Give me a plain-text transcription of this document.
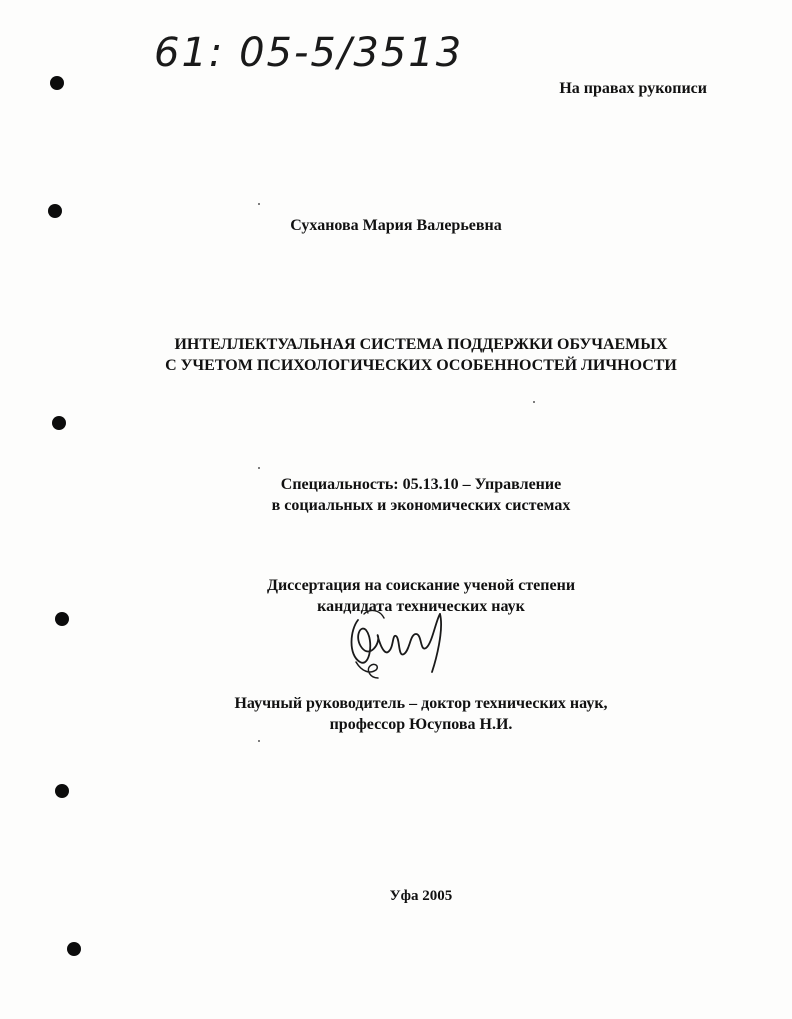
61: 05-5/3513
На правах рукописи
Суханова Мария Валерьевна
ИНТЕЛЛЕКТУАЛЬНАЯ СИСТЕМА ПОДДЕРЖКИ ОБУЧАЕМЫХ
С УЧЕТОМ ПСИХОЛОГИЧЕСКИХ ОСОБЕННОСТЕЙ ЛИЧНОСТИ
Специальность: 05.13.10 – Управление
в социальных и экономических системах
Диссертация на соискание ученой степени
кандидата технических наук
Научный руководитель – доктор технических наук,
профессор Юсупова Н.И.
Уфа 2005
